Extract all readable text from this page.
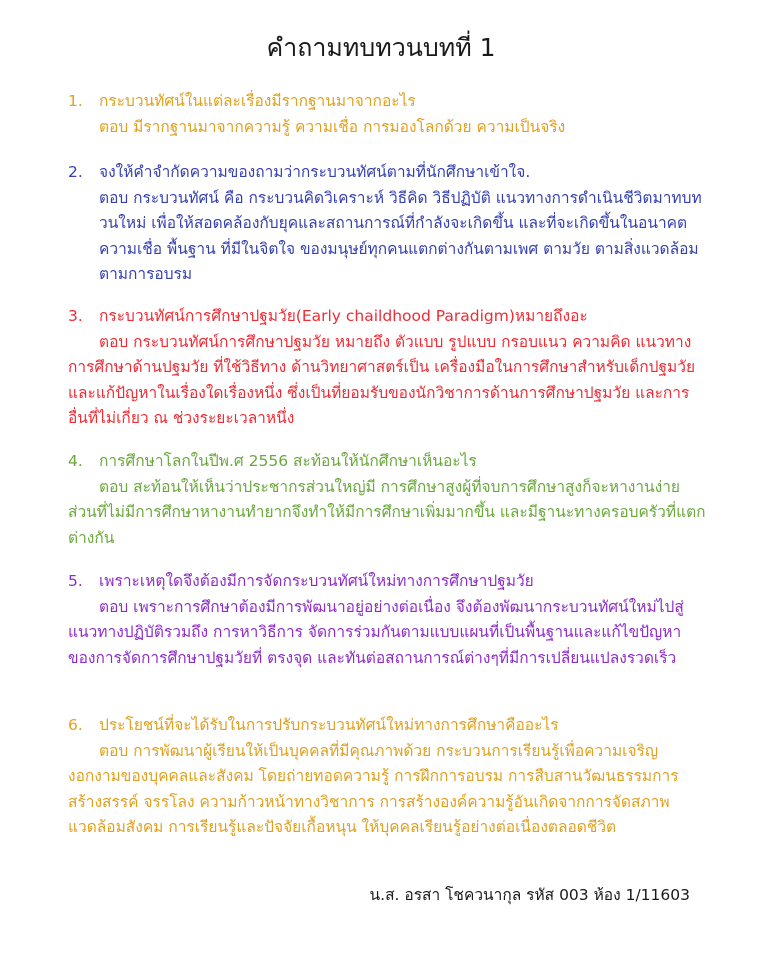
คำถามทบทวนบทที่ 1
1.	กระบวนทัศน์ในแต่ละเรื่องมีรากฐานมาจากอะไร

ตอบ มีรากฐานมาจากความรู้ ความเชื่อ การมองโลกด้วย ความเป็นจริง

2.	จงให้คำจำกัดความของถามว่ากระบวนทัศน์ตามที่นักศึกษาเข้าใจ.

ตอบ กระบวนทัศน์ คือ กระบวนคิดวิเคราะห์ วิธีคิด วิธีปฏิบัติ แนวทางการดำเนินชีวิตมาทบทวนใหม่ เพื่อให้สอดคล้องกับยุคและสถานการณ์ที่กำลังจะเกิดขึ้น และที่จะเกิดขึ้นในอนาคต ความเชื่อ พื้นฐาน ที่มีในจิตใจ ของมนุษย์ทุกคนแตกต่างกันตามเพศ ตามวัย ตามสิ่งแวดล้อม ตามการอบรม

3.	กระบวนทัศน์การศึกษาปฐมวัย(Early chaildhood Paradigm)หมายถึงอะ

ตอบ กระบวนทัศน์การศึกษาปฐมวัย หมายถึง ตัวแบบ รูปแบบ กรอบแนว ความคิด แนวทางการศึกษาด้านปฐมวัย ที่ใช้วิธีทาง ด้านวิทยาศาสตร์เป็น เครื่องมือในการศึกษาสำหรับเด็กปฐมวัย และแก้ปัญหาในเรื่องใดเรื่องหนึ่ง ซึ่งเป็นที่ยอมรับของนักวิชาการด้านการศึกษาปฐมวัย และการอื่นที่ไม่เกี่ยว ณ ช่วงระยะเวลาหนึ่ง

4.	การศึกษาโลกในปีพ.ศ 2556 สะท้อนให้นักศึกษาเห็นอะไร

ตอบ สะท้อนให้เห็นว่าประชากรส่วนใหญ่มี การศึกษาสูงผู้ที่จบการศึกษาสูงก็จะหางานง่าย ส่วนที่ไม่มีการศึกษาหางานทำยากจึงทำให้มีการศึกษาเพิ่มมากขึ้น และมีฐานะทางครอบครัวที่แตกต่างกัน

5.	เพราะเหตุใดจึงต้องมีการจัดกระบวนทัศน์ใหม่ทางการศึกษาปฐมวัย

ตอบ เพราะการศึกษาต้องมีการพัฒนาอยู่อย่างต่อเนื่อง จึงต้องพัฒนากระบวนทัศน์ใหม่ไปสู่แนวทางปฏิบัติรวมถึง การหาวิธีการ จัดการร่วมกันตามแบบแผนที่เป็นพื้นฐานและแก้ไขปัญหาของการจัดการศึกษาปฐมวัยที่ ตรงจุด และทันต่อสถานการณ์ต่างๆที่มีการเปลี่ยนแปลงรวดเร็ว

6.	ประโยชน์ที่จะได้รับในการปรับกระบวนทัศน์ใหม่ทางการศึกษาคืออะไร

ตอบ การพัฒนาผู้เรียนให้เป็นบุคคลที่มีคุณภาพด้วย กระบวนการเรียนรู้เพื่อความเจริญงอกงามของบุคคลและสังคม โดยถ่ายทอดความรู้ การฝึกการอบรม การสืบสานวัฒนธรรมการสร้างสรรค์ จรรโลง ความก้าวหน้าทางวิชาการ การสร้างองค์ความรู้อันเกิดจากการจัดสภาพแวดล้อมสังคม การเรียนรู้และปัจจัยเกื้อหนุน ให้บุคคลเรียนรู้อย่างต่อเนื่องตลอดชีวิต

น.ส. อรสา โชควนากุล รหัส 003 ห้อง 1/11603
